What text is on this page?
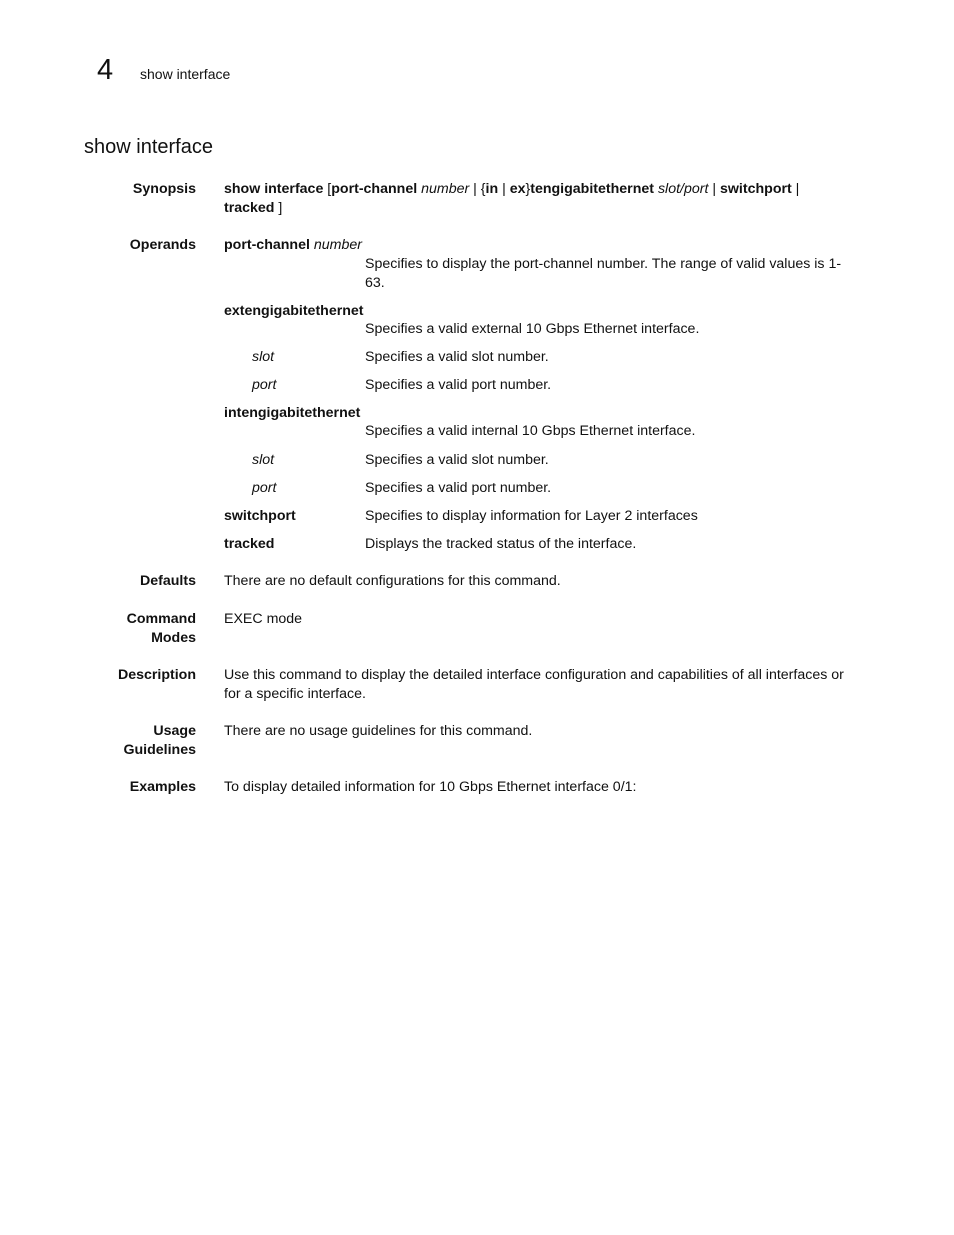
4 show interface
show interface
Synopsis show interface [port-channel number | {in | ex}tengigabitethernet slot/port | switchport |
tracked ]
Operands port-channel number
Specifies to display the port-channel number. The range of valid values is 1-63.
extengigabitethernet
Specifies a valid external 10 Gbps Ethernet interface.
slot	Specifies a valid slot number.
port	Specifies a valid port number.
intengigabitethernet
Specifies a valid internal 10 Gbps Ethernet interface.
slot	Specifies a valid slot number.
port	Specifies a valid port number.
switchport	Specifies to display information for Layer 2 interfaces
tracked	Displays the tracked status of the interface.
Defaults There are no default configurations for this command.
Command
Modes
EXEC mode
Description Use this command to display the detailed interface configuration and capabilities of all interfaces or for a specific interface.
Usage
Guidelines
There are no usage guidelines for this command.
Examples To display detailed information for 10 Gbps Ethernet interface 0/1:
